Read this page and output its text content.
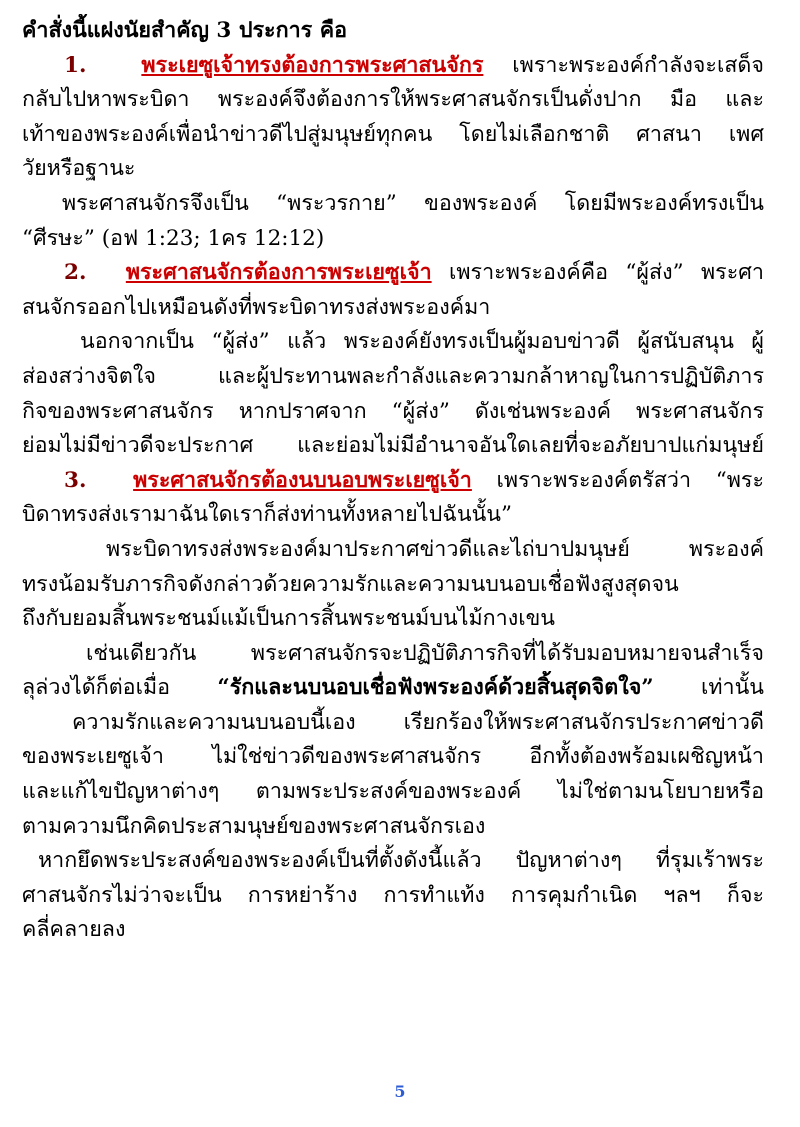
คำสั่งนี้แฝงนัยสำคัญ 3 ประการ คือ
1.	พระเยซูเจ้าทรงต้องการพระศาสนจักร เพราะพระองค์กำลังจะเสด็จ
กลับไปหาพระบิดา พระองค์จึงต้องการให้พระศาสนจักรเป็นดั่งปาก มือ และ
เท้าของพระองค์เพื่อนำข่าวดีไปสู่มนุษย์ทุกคน โดยไม่เลือกชาติ ศาสนา เพศ
วัยหรือฐานะ
พระศาสนจักรจึงเป็น “พระวรกาย” ของพระองค์ โดยมีพระองค์ทรงเป็น
“ศีรษะ” (อฟ 1:23; 1คร 12:12)
2. พระศาสนจักรต้องการพระเยซูเจ้า เพราะพระองค์คือ “ผู้ส่ง” พระศา
สนจักรออกไปเหมือนดังที่พระบิดาทรงส่งพระองค์มา
นอกจากเป็น “ผู้ส่ง” แล้ว พระองค์ยังทรงเป็นผู้มอบข่าวดี ผู้สนับสนุน ผู้
ส่องสว่างจิตใจ และผู้ประทานพละกำลังและความกล้าหาญในการปฏิบัติภาร
กิจของพระศาสนจักร หากปราศจาก “ผู้ส่ง” ดังเช่นพระองค์ พระศาสนจักร
ย่อมไม่มีข่าวดีจะประกาศ และย่อมไม่มีอำนาจอันใดเลยที่จะอภัยบาปแก่มนุษย์
3. พระศาสนจักรต้องนบนอบพระเยซูเจ้า เพราะพระองค์ตรัสว่า “พระ
บิดาทรงส่งเรามาฉันใดเราก็ส่งท่านทั้งหลายไปฉันนั้น”
พระบิดาทรงส่งพระองค์มาประกาศข่าวดีและไถ่บาปมนุษย์ พระองค์
ทรงน้อมรับภารกิจดังกล่าวด้วยความรักและความนบนอบเชื่อฟังสูงสุดจน
ถึงกับยอมสิ้นพระชนม์แม้เป็นการสิ้นพระชนม์บนไม้กางเขน
เช่นเดียวกัน พระศาสนจักรจะปฏิบัติภารกิจที่ได้รับมอบหมายจนสำเร็จ
ลุล่วงได้ก็ต่อเมื่อ “รักและนบนอบเชื่อฟังพระองค์ด้วยสิ้นสุดจิตใจ” เท่านั้น
ความรักและความนบนอบนี้เอง เรียกร้องให้พระศาสนจักรประกาศข่าวดี
ของพระเยซูเจ้า ไม่ใช่ข่าวดีของพระศาสนจักร อีกทั้งต้องพร้อมเผชิญหน้า
และแก้ไขปัญหาต่างๆ ตามพระประสงค์ของพระองค์ ไม่ใช่ตามนโยบายหรือ
ตามความนึกคิดประสามนุษย์ของพระศาสนจักรเอง
หากยึดพระประสงค์ของพระองค์เป็นที่ตั้งดังนี้แล้ว ปัญหาต่างๆ ที่รุมเร้าพระ
ศาสนจักรไม่ว่าจะเป็น การหย่าร้าง การทำแท้ง การคุมกำเนิด ฯลฯ ก็จะ
คลี่คลายลง
5
